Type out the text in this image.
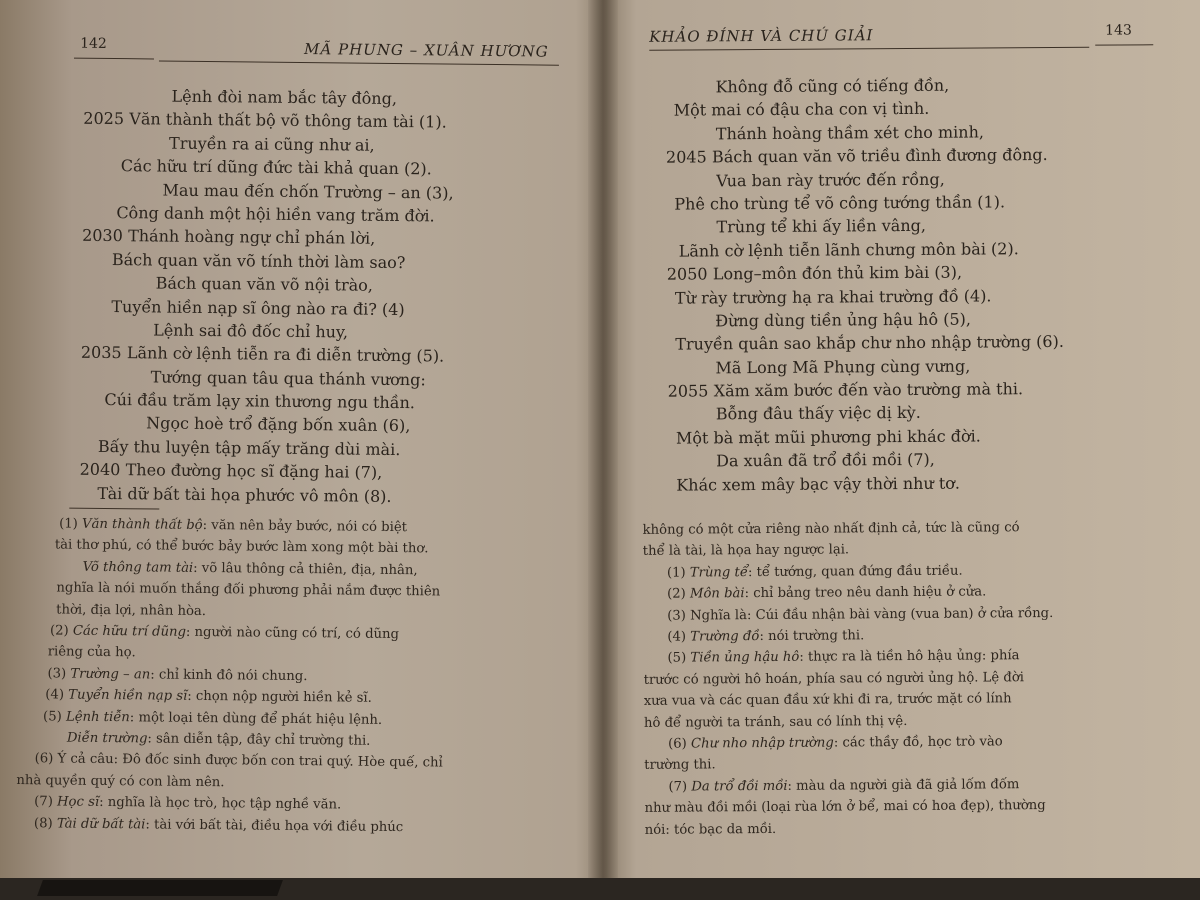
142	MÃ PHUNG – XUÂN HƯƠNG
Lệnh đòi nam bắc tây đông,
2025 Văn thành thất bộ võ thông tam tài (1).
Truyền ra ai cũng như ai,
Các hữu trí dũng đức tài khả quan (2).
Mau mau đến chốn Trường – an (3),
Công danh một hội hiền vang trăm đời.
2030 Thánh hoàng ngự chỉ phán lời,
Bách quan văn võ tính thời làm sao?
Bách quan văn võ nội trào,
Tuyển hiền nạp sĩ ông nào ra đi? (4)
Lệnh sai đô đốc chỉ huy,
2035 Lãnh cờ lệnh tiễn ra đi diễn trường (5).
Tướng quan tâu qua thánh vương:
Cúi đầu trăm lạy xin thương ngu thần.
Ngọc hoè trổ đặng bốn xuân (6),
Bấy thu luyện tập mấy trăng dùi mài.
2040 Theo đường học sĩ đặng hai (7),
Tài dữ bất tài họa phước vô môn (8).
(1) Văn thành thất bộ: văn nên bảy bước, nói có biệt
tài thơ phú, có thể bước bảy bước làm xong một bài thơ.
Võ thông tam tài: võ lâu thông cả thiên, địa, nhân,
nghĩa là nói muốn thắng đối phương phải nắm được thiên
thời, địa lợi, nhân hòa.
(2) Các hữu trí dũng: người nào cũng có trí, có dũng
riêng của họ.
(3) Trường – an: chỉ kinh đô nói chung.
(4) Tuyển hiền nạp sĩ: chọn nộp người hiền kẻ sĩ.
(5) Lệnh tiễn: một loại tên dùng để phát hiệu lệnh.
Diễn trường: sân diễn tập, đây chỉ trường thi.
(6) Ý cả câu: Đô đốc sinh được bốn con trai quý. Hòe quế, chỉ
nhà quyền quý có con làm nên.
(7) Học sĩ: nghĩa là học trò, học tập nghề văn.
(8) Tài dữ bất tài: tài với bất tài, điều họa với điều phúc
KHẢO ĐÍNH VÀ CHÚ GIẢI	143
Không đỗ cũng có tiếng đồn,
Một mai có đậu cha con vị tình.
Thánh hoàng thầm xét cho minh,
2045 Bách quan văn võ triều đình đương đông.
Vua ban rày trước đến rồng,
Phê cho trùng tể võ công tướng thần (1).
Trùng tể khi ấy liền vâng,
Lãnh cờ lệnh tiễn lãnh chưng môn bài (2).
2050 Long–môn đón thủ kim bài (3),
Từ rày trường hạ ra khai trường đồ (4).
Đừng dùng tiền ủng hậu hô (5),
Truyền quân sao khắp chư nho nhập trường (6).
Mã Long Mã Phụng cùng vưng,
2055 Xăm xăm bước đến vào trường mà thi.
Bỗng đâu thấy việc dị kỳ.
Một bà mặt mũi phương phi khác đời.
Da xuân đã trổ đồi mồi (7),
Khác xem mây bạc vậy thời như tơ.
không có một cửa riêng nào nhất định cả, tức là cũng có
thể là tài, là họa hay ngược lại.
(1) Trùng tể: tể tướng, quan đứng đầu triều.
(2) Môn bài: chỉ bảng treo nêu danh hiệu ở cửa.
(3) Nghĩa là: Cúi đầu nhận bài vàng (vua ban) ở cửa rồng.
(4) Trường đồ: nói trường thi.
(5) Tiền ủng hậu hô: thực ra là tiền hô hậu ủng: phía
trước có người hô hoán, phía sau có người ủng hộ. Lệ đời
xưa vua và các quan đầu xứ khi đi ra, trước mặt có lính
hô để người ta tránh, sau có lính thị vệ.
(6) Chư nho nhập trường: các thầy đồ, học trò vào
trường thi.
(7) Da trổ đồi mồi: màu da người già đã giả lốm đốm
như màu đồi mồi (loại rùa lớn ở bể, mai có hoa đẹp), thường
nói: tóc bạc da mồi.
